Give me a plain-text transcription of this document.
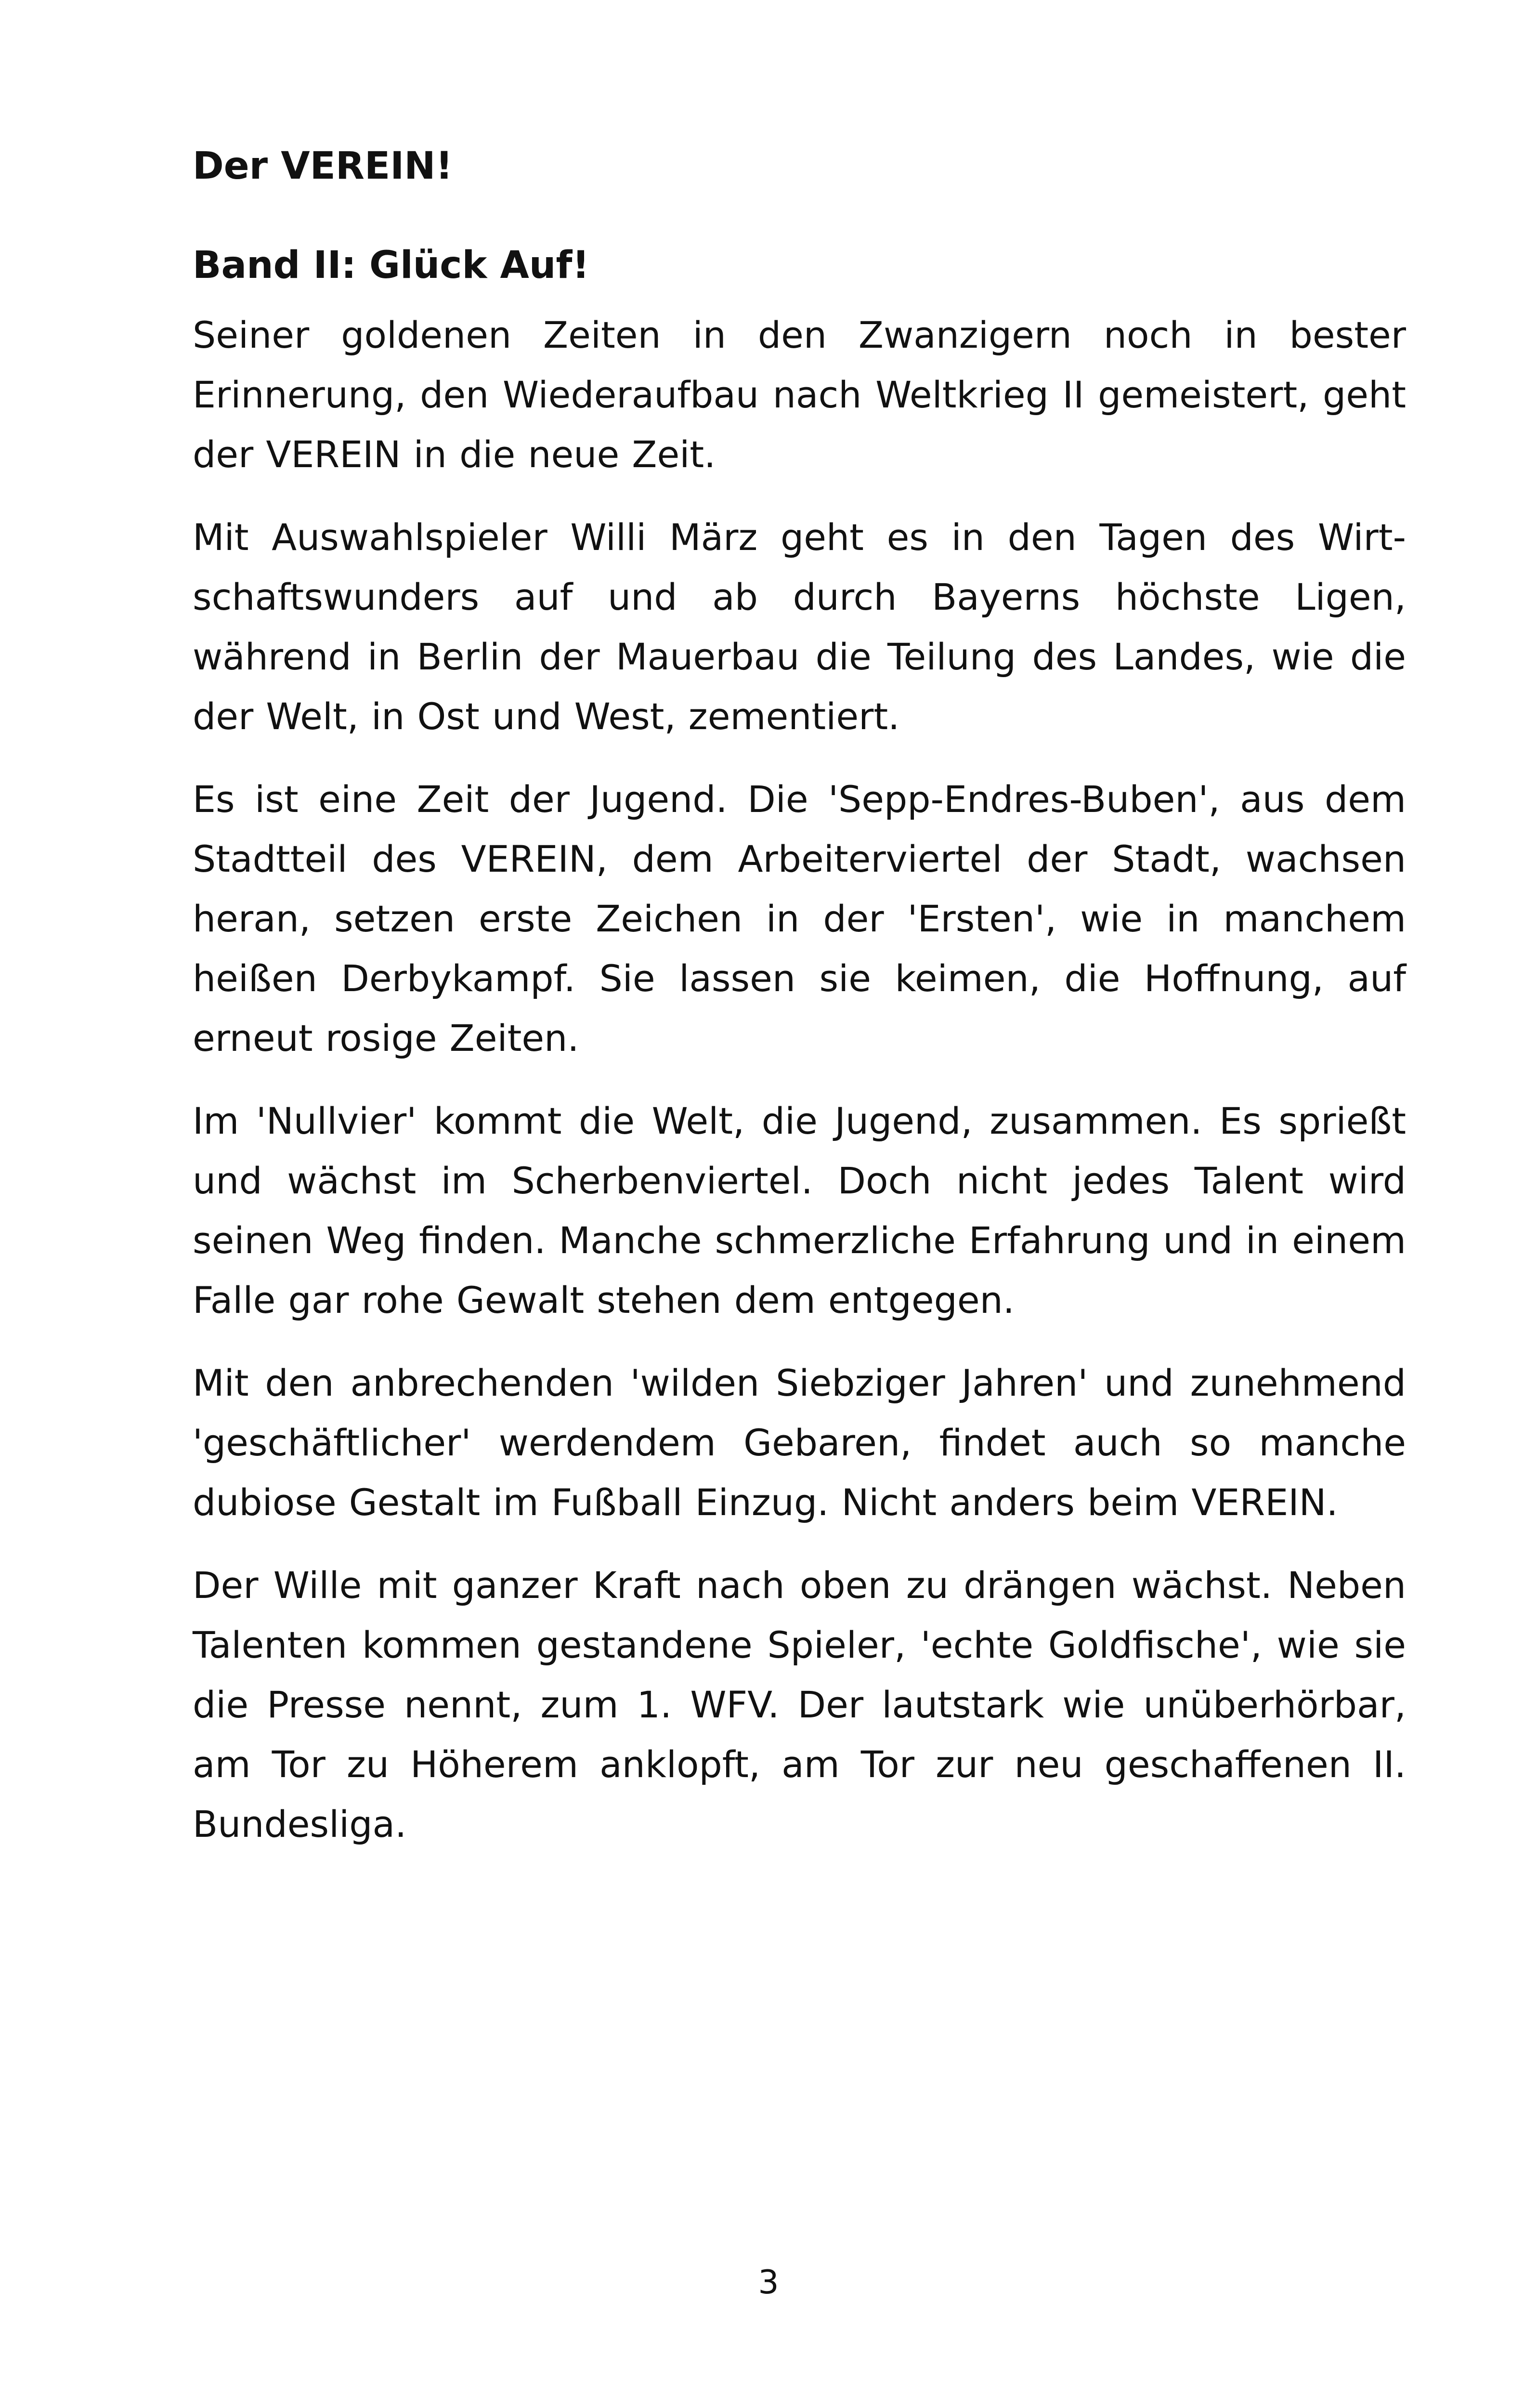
Der VEREIN!
Band II: Glück Auf!

Seiner goldenen Zeiten in den Zwanzigern noch in bester Erinnerung, den Wiederaufbau nach Weltkrieg II gemeistert, geht der VEREIN in die neue Zeit.

Mit Auswahlspieler Willi März geht es in den Tagen des Wirtschaftswunders auf und ab durch Bayerns höchste Ligen, während in Berlin der Mauerbau die Teilung des Landes, wie die der Welt, in Ost und West, zementiert.

Es ist eine Zeit der Jugend. Die 'Sepp-Endres-Buben', aus dem Stadtteil des VEREIN, dem Arbeiterviertel der Stadt, wachsen heran, setzen erste Zeichen in der 'Ersten', wie in manchem heißen Derbykampf. Sie lassen sie keimen, die Hoffnung, auf erneut rosige Zeiten.

Im 'Nullvier' kommt die Welt, die Jugend, zusammen. Es sprießt und wächst im Scherbenviertel. Doch nicht jedes Talent wird seinen Weg finden. Manche schmerzliche Erfahrung und in einem Falle gar rohe Gewalt stehen dem entgegen.

Mit den anbrechenden 'wilden Siebziger Jahren' und zunehmend 'geschäftlicher' werdendem Gebaren, findet auch so manche dubiose Gestalt im Fußball Einzug. Nicht anders beim VEREIN.

Der Wille mit ganzer Kraft nach oben zu drängen wächst. Neben Talenten kommen gestandene Spieler, 'echte Goldfische', wie sie die Presse nennt, zum 1. WFV. Der lautstark wie unüberhörbar, am Tor zu Höherem anklopft, am Tor zur neu geschaffenen II. Bundesliga.

3
